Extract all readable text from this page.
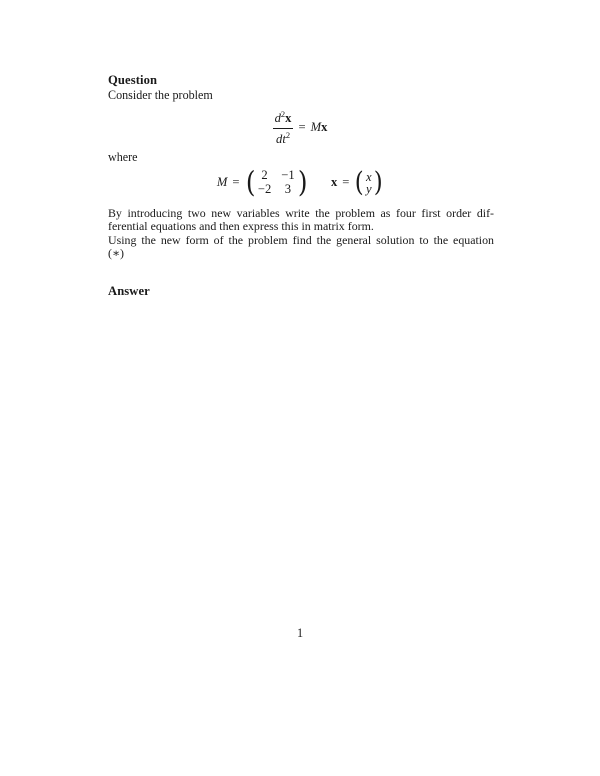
Question
Consider the problem
$\frac{d^2x}{dt^2} = Mx$
where
M = ( 2 −1
−2 3 ) x = ( x
y )
By introducing two new variables write the problem as four first order dif-
ferential equations and then express this in matrix form.
Using the new form of the problem find the general solution to the equation
(∗)
Answer
1
